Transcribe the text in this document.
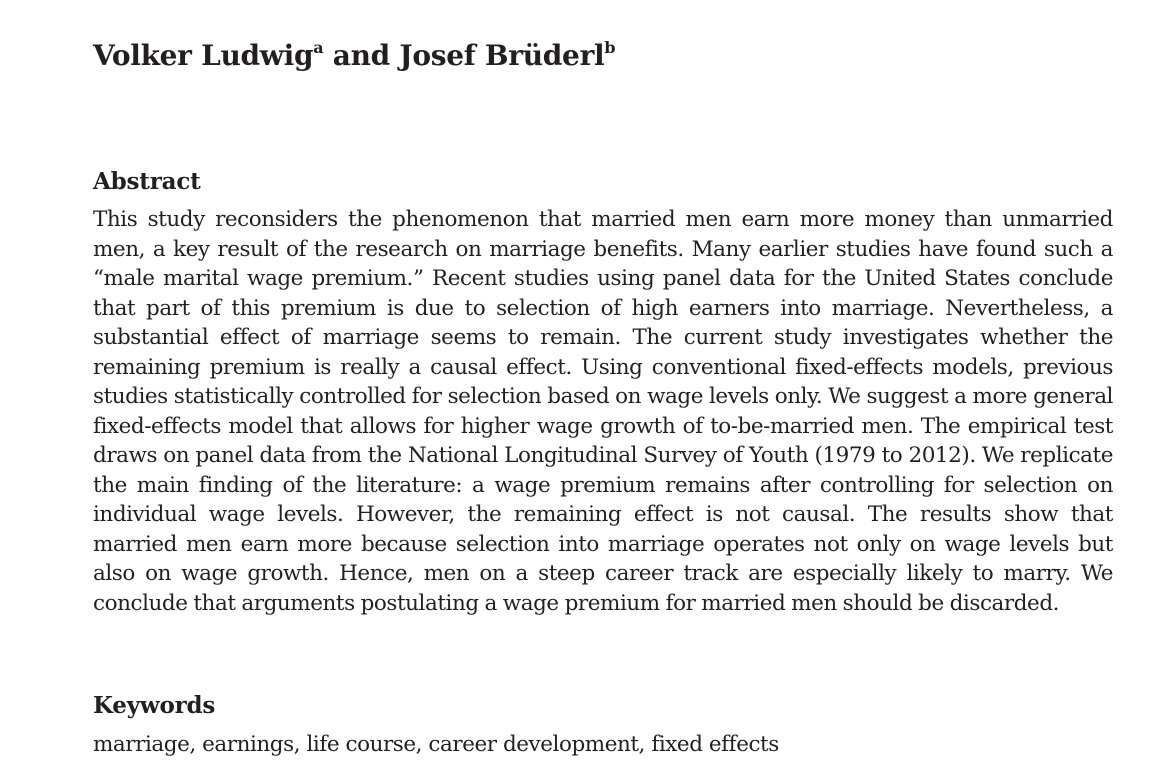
Volker Ludwig$^a$ and Josef Brüderl$^b$
Abstract

This study reconsiders the phenomenon that married men earn more money than unmarried men, a key result of the research on marriage benefits. Many earlier studies have found such a “male marital wage premium.” Recent studies using panel data for the United States conclude that part of this premium is due to selection of high earners into marriage. Nevertheless, a substantial effect of marriage seems to remain. The current study investigates whether the remaining premium is really a causal effect. Using conventional fixed-effects models, previous studies statistically controlled for selection based on wage levels only. We suggest a more general fixed-effects model that allows for higher wage growth of to-be-married men. The empirical test draws on panel data from the National Longitudinal Survey of Youth (1979 to 2012). We replicate the main finding of the literature: a wage premium remains after controlling for selection on individual wage levels. However, the remaining effect is not causal. The results show that married men earn more because selection into marriage operates not only on wage levels but also on wage growth. Hence, men on a steep career track are especially likely to marry. We conclude that arguments postulating a wage premium for married men should be discarded.

Keywords

marriage, earnings, life course, career development, fixed effects
